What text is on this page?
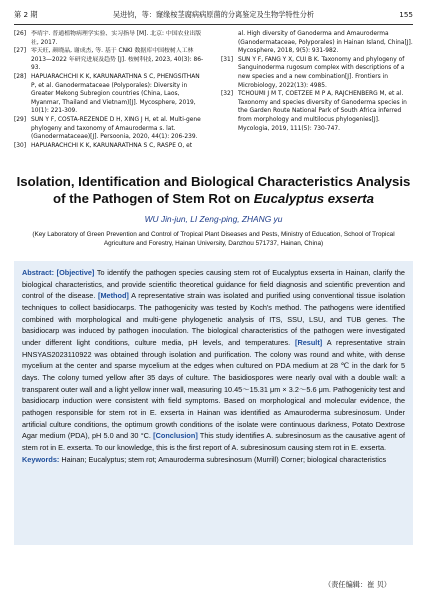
第 2 期	吴进钧，等：窿缘桉茎腐病病原菌的分离鉴定及生物学特性分析	155
[26] 李靖宇. 普通植物病理学实验、实习指导 [M]. 北京: 中国农业出版社, 2017.
[27] 零天旺, 颜晓晶, 谢成杰, 等. 基于 CNKI 数据库中国桉树人工林 2013—2022 年研究进展及趋势 [J]. 桉树科技, 2023, 40(3): 86-93.
[28] HAPUARACHCHI K K, KARUNARATHNA S C, PHENGSITHAN P, et al. Ganodermataceae (Polyporales): Diversity in Greater Mekong Subregion countries (China, Laos, Myanmar, Thailand and Vietnam)[J]. Mycosphere, 2019, 10(1): 221-309.
[29] SUN Y F, COSTA-REZENDE D H, XING J H, et al. Multi-gene phylogeny and taxonomy of Amauroderma s. lat. (Ganodermataceae)[J]. Persoonia, 2020, 44(1): 206-239.
[30] HAPUARACHCHI K K, KARUNARATHNA S C, RASPE O, et
al. High diversity of Ganoderma and Amauroderma (Ganodermataceae, Polyporales) in Hainan Island, China[J]. Mycosphere, 2018, 9(5): 931-982.
[31] SUN Y F, FANG Y X, CUI B K. Taxonomy and phylogeny of Sanguinoderma rugosum complex with descriptions of a new species and a new combination[J]. Frontiers in Microbiology, 2022(13): 4985.
[32] TCHOUMI J M T, COETZEE M P A, RAJCHENBERG M, et al. Taxonomy and species diversity of Ganoderma species in the Garden Route National Park of South Africa inferred from morphology and multilocus phylogenies[J]. Mycologia, 2019, 111(5): 730-747.
Isolation, Identification and Biological Characteristics Analysis
of the Pathogen of Stem Rot on Eucalyptus exserta
WU Jin-jun, LI Zeng-ping, ZHANG yu
(Key Laboratory of Green Prevention and Control of Tropical Plant Diseases and Pests, Ministry of Education, School of Tropical Agriculture and Forestry, Hainan University, Danzhou 571737, Hainan, China)

Abstract: [Objective] To identify the pathogen species causing stem rot of Eucalyptus exserta in Hainan, clarify the biological characteristics, and provide scientific theoretical guidance for field diagnosis and scientific prevention and control of the disease. [Method] A representative strain was isolated and purified using conventional tissue isolation techniques to collect basidiocarps. The pathogenicity was tested by Koch's method. The pathogens were identified combined with morphological and multi-gene phylogenetic analysis of ITS, SSU, LSU, and TUB genes. The basidiocarp was induced by pathogen inoculation. The biological characteristics of the pathogen were investigated under different light conditions, culture media, pH levels, and temperatures. [Result] A representative strain HNSYAS2023110922 was obtained through isolation and purification. The colony was round and white, with dense mycelium at the center and sparse mycelium at the edges when cultured on PDA medium at 28 ℃ in the dark for 5 days. The colony turned yellow after 35 days of culture. The basidiospores were nearly oval with a double wall: a transparent outer wall and a light yellow inner wall, measuring 10.45～15.31 μm × 3.2～5.6 μm. Pathogenicity test and basidiocarp induction were consistent with field symptoms. Based on morphological and molecular evidence, the pathogen responsible for stem rot in E. exserta in Hainan was identified as Amauroderma subresinosum. Under artificial culture conditions, the optimum growth conditions of the isolate were continuous darkness, Potato Dextrose Agar medium (PDA), pH 5.0 and 30 °C. [Conclusion] This study identifies A. subresinosum as the causative agent of stem rot in E. exserta. To our knowledge, this is the first report of A. subresinosum causing stem rot in E. exserta.

Keywords: Hainan; Eucalyptus; stem rot; Amauroderma subresinosum (Murrill) Corner; biological characteristics

（责任编辑：崔 贝）
